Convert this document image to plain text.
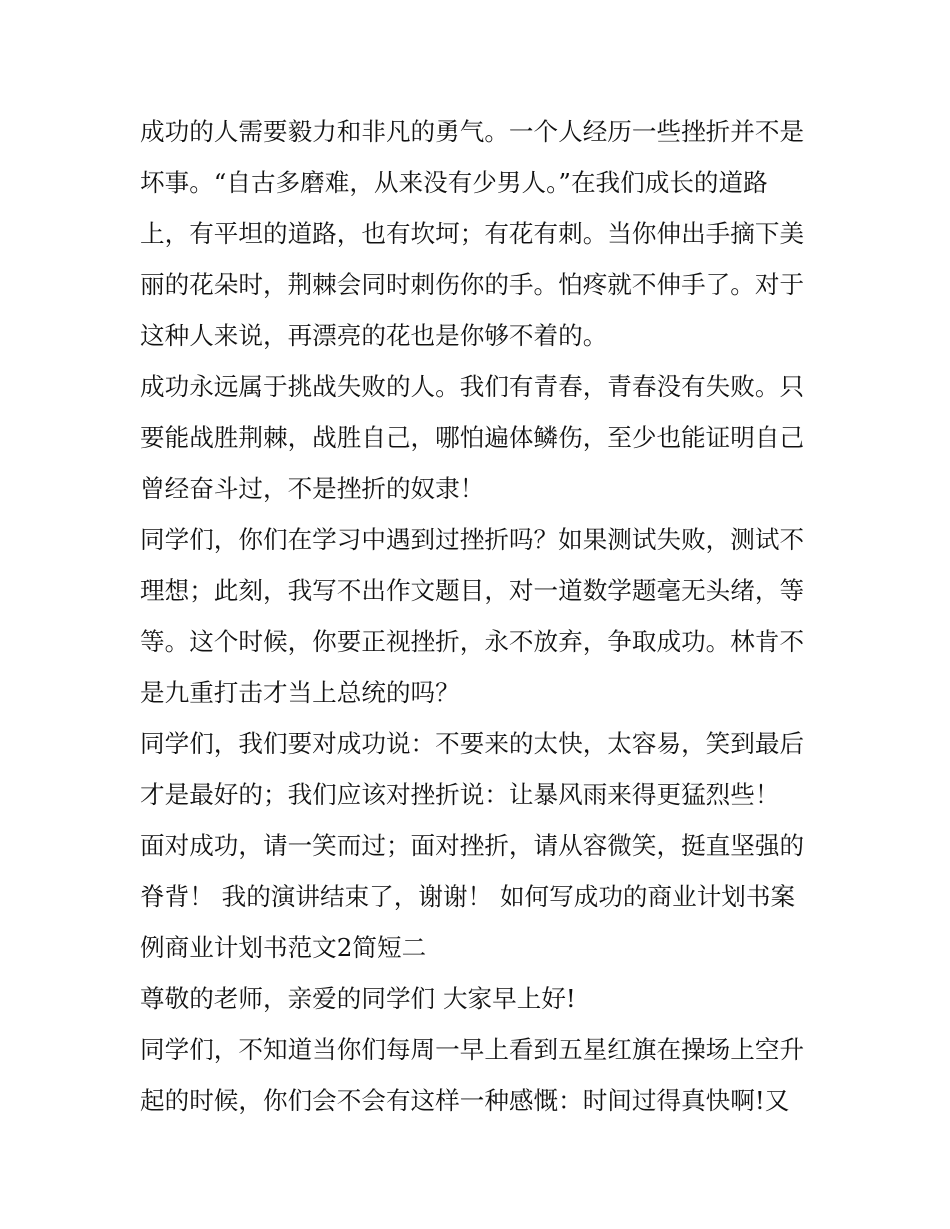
成功的人需要毅力和非凡的勇气。一个人经历一些挫折并不是
坏事。“自古多磨难，从来没有少男人。”在我们成长的道路
上，有平坦的道路，也有坎坷；有花有刺。当你伸出手摘下美
丽的花朵时，荆棘会同时刺伤你的手。怕疼就不伸手了。对于
这种人来说，再漂亮的花也是你够不着的。
成功永远属于挑战失败的人。我们有青春，青春没有失败。只
要能战胜荆棘，战胜自己，哪怕遍体鳞伤，至少也能证明自己
曾经奋斗过，不是挫折的奴隶！
同学们，你们在学习中遇到过挫折吗？如果测试失败，测试不
理想；此刻，我写不出作文题目，对一道数学题毫无头绪，等
等。这个时候，你要正视挫折，永不放弃，争取成功。林肯不
是九重打击才当上总统的吗？
同学们，我们要对成功说：不要来的太快，太容易，笑到最后
才是最好的；我们应该对挫折说：让暴风雨来得更猛烈些！
面对成功，请一笑而过；面对挫折，请从容微笑，挺直坚强的
脊背！ 我的演讲结束了，谢谢！ 如何写成功的商业计划书案
例商业计划书范文2简短二
尊敬的老师，亲爱的同学们 大家早上好!
同学们，不知道当你们每周一早上看到五星红旗在操场上空升
起的时候，你们会不会有这样一种感慨：时间过得真快啊!又
